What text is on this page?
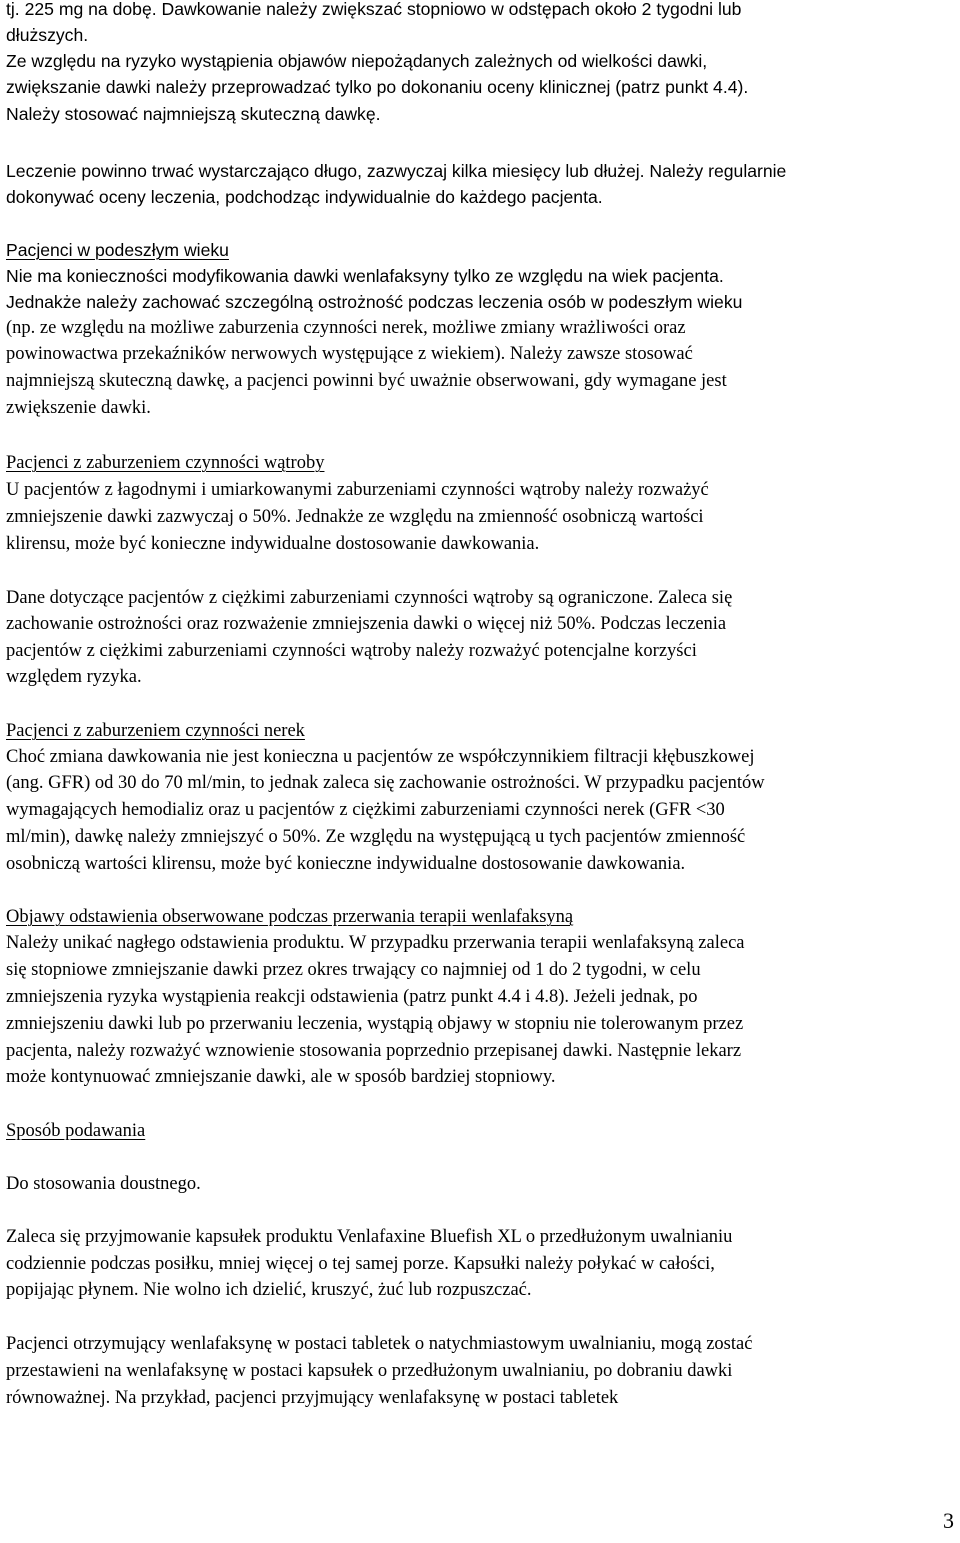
tj. 225 mg na dobę. Dawkowanie należy zwiększać stopniowo w odstępach około 2 tygodni lub
dłuższych.
Ze względu na ryzyko wystąpienia objawów niepożądanych zależnych od wielkości dawki,
zwiększanie dawki należy przeprowadzać tylko po dokonaniu oceny klinicznej (patrz punkt 4.4).
Należy stosować najmniejszą skuteczną dawkę.
Leczenie powinno trwać wystarczająco długo, zazwyczaj kilka miesięcy lub dłużej. Należy regularnie
dokonywać oceny leczenia, podchodząc indywidualnie do każdego pacjenta.
Pacjenci w podeszłym wieku
Nie ma konieczności modyfikowania dawki wenlafaksyny tylko ze względu na wiek pacjenta.
Jednakże należy zachować szczególną ostrożność podczas leczenia osób w podeszłym wieku
(np. ze względu na możliwe zaburzenia czynności nerek, możliwe zmiany wrażliwości oraz
powinowactwa przekaźników nerwowych występujące z wiekiem). Należy zawsze stosować
najmniejszą skuteczną dawkę, a pacjenci powinni być uważnie obserwowani, gdy wymagane jest
zwiększenie dawki.
Pacjenci z zaburzeniem czynności wątroby
U pacjentów z łagodnymi i umiarkowanymi zaburzeniami czynności wątroby należy rozważyć
zmniejszenie dawki zazwyczaj o 50%. Jednakże ze względu na zmienność osobniczą wartości
klirensu, może być konieczne indywidualne dostosowanie dawkowania.
Dane dotyczące pacjentów z ciężkimi zaburzeniami czynności wątroby są ograniczone. Zaleca się
zachowanie ostrożności oraz rozważenie zmniejszenia dawki o więcej niż 50%. Podczas leczenia
pacjentów z ciężkimi zaburzeniami czynności wątroby należy rozważyć potencjalne korzyści
względem ryzyka.
Pacjenci z zaburzeniem czynności nerek
Choć zmiana dawkowania nie jest konieczna u pacjentów ze współczynnikiem filtracji kłębuszkowej
(ang. GFR) od 30 do 70 ml/min, to jednak zaleca się zachowanie ostrożności. W przypadku pacjentów
wymagających hemodializ oraz u pacjentów z ciężkimi zaburzeniami czynności nerek (GFR <30
ml/min), dawkę należy zmniejszyć o 50%. Ze względu na występującą u tych pacjentów zmienność
osobniczą wartości klirensu, może być konieczne indywidualne dostosowanie dawkowania.
Objawy odstawienia obserwowane podczas przerwania terapii wenlafaksyną
Należy unikać nagłego odstawienia produktu. W przypadku przerwania terapii wenlafaksyną zaleca
się stopniowe zmniejszanie dawki przez okres trwający co najmniej od 1 do 2 tygodni, w celu
zmniejszenia ryzyka wystąpienia reakcji odstawienia (patrz punkt 4.4 i 4.8). Jeżeli jednak, po
zmniejszeniu dawki lub po przerwaniu leczenia, wystąpią objawy w stopniu nie tolerowanym przez
pacjenta, należy rozważyć wznowienie stosowania poprzednio przepisanej dawki. Następnie lekarz
może kontynuować zmniejszanie dawki, ale w sposób bardziej stopniowy.
Sposób podawania
Do stosowania doustnego.
Zaleca się przyjmowanie kapsułek produktu Venlafaxine Bluefish XL o przedłużonym uwalnianiu
codziennie podczas posiłku, mniej więcej o tej samej porze. Kapsułki należy połykać w całości,
popijając płynem. Nie wolno ich dzielić, kruszyć, żuć lub rozpuszczać.
Pacjenci otrzymujący wenlafaksynę w postaci tabletek o natychmiastowym uwalnianiu, mogą zostać
przestawieni na wenlafaksynę w postaci kapsułek o przedłużonym uwalnianiu, po dobraniu dawki
równoważnej. Na przykład, pacjenci przyjmujący wenlafaksynę w postaci tabletek
3
